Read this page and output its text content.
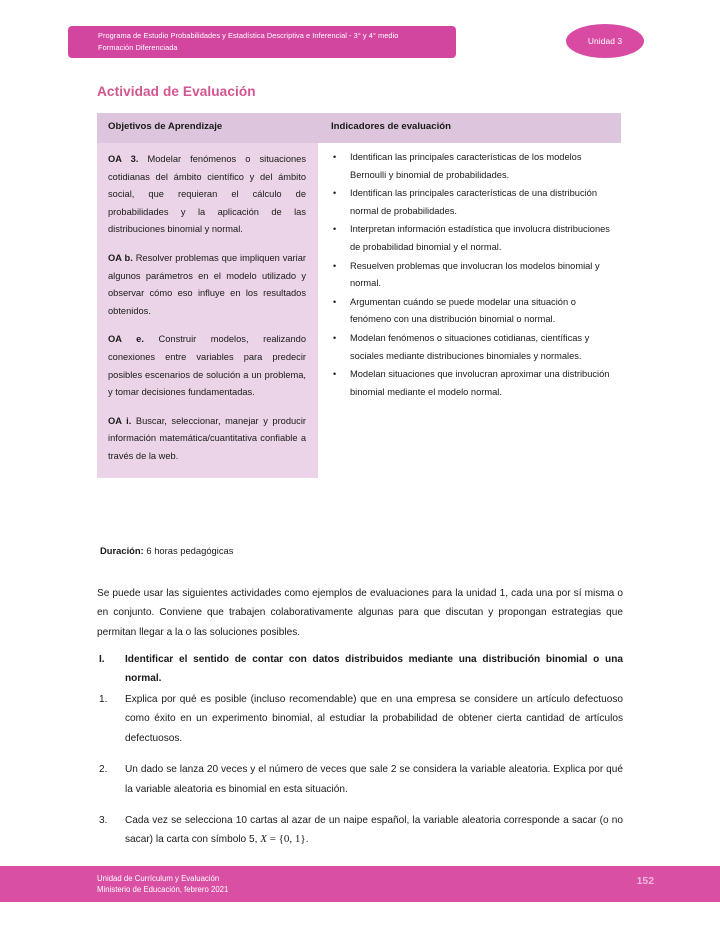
Programa de Estudio Probabilidades y Estadística Descriptiva e Inferencial - 3° y 4° medio
Formación Diferenciada
Unidad 3
Actividad de Evaluación
Objetivos de Aprendizaje	Indicadores de evaluación

OA 3. Modelar fenómenos o situaciones cotidianas del ámbito científico y del ámbito social, que requieran el cálculo de probabilidades y la aplicación de las distribuciones binomial y normal.

OA b. Resolver problemas que impliquen variar algunos parámetros en el modelo utilizado y observar cómo eso influye en los resultados obtenidos.

OA e. Construir modelos, realizando conexiones entre variables para predecir posibles escenarios de solución a un problema, y tomar decisiones fundamentadas.

OA i. Buscar, seleccionar, manejar y producir información matemática/cuantitativa confiable a través de la web.

• Identifican las principales características de los modelos Bernoulli y binomial de probabilidades.
• Identifican las principales características de una distribución normal de probabilidades.
• Interpretan información estadística que involucra distribuciones de probabilidad binomial y el normal.
• Resuelven problemas que involucran los modelos binomial y normal.
• Argumentan cuándo se puede modelar una situación o fenómeno con una distribución binomial o normal.
• Modelan fenómenos o situaciones cotidianas, científicas y sociales mediante distribuciones binomiales y normales.
• Modelan situaciones que involucran aproximar una distribución binomial mediante el modelo normal.
Duración: 6 horas pedagógicas
Se puede usar las siguientes actividades como ejemplos de evaluaciones para la unidad 1, cada una por sí misma o en conjunto. Conviene que trabajen colaborativamente algunas para que discutan y propongan estrategias que permitan llegar a la o las soluciones posibles.
I. Identificar el sentido de contar con datos distribuidos mediante una distribución binomial o una normal.
1. Explica por qué es posible (incluso recomendable) que en una empresa se considere un artículo defectuoso como éxito en un experimento binomial, al estudiar la probabilidad de obtener cierta cantidad de artículos defectuosos.
2. Un dado se lanza 20 veces y el número de veces que sale 2 se considera la variable aleatoria. Explica por qué la variable aleatoria es binomial en esta situación.
3. Cada vez se selecciona 10 cartas al azar de un naipe español, la variable aleatoria corresponde a sacar (o no sacar) la carta con símbolo 5, X = {0, 1}.
Unidad de Currículum y Evaluación
Ministerio de Educación, febrero 2021
152
